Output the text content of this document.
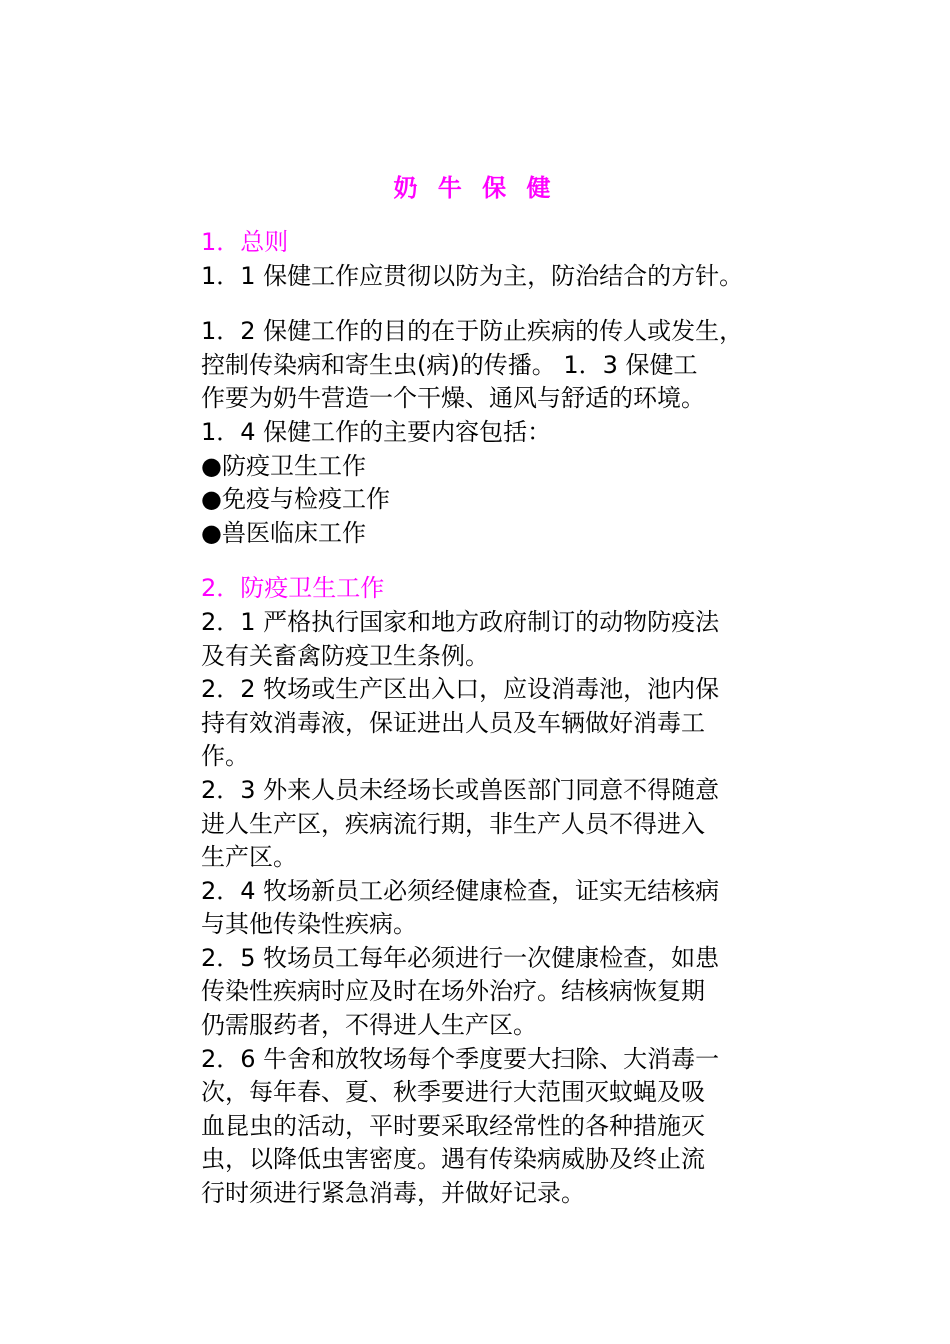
奶 牛 保 健
1．总则
1．1 保健工作应贯彻以防为主，防治结合的方针。
1．2 保健工作的目的在于防止疾病的传人或发生，
控制传染病和寄生虫(病)的传播。 1．3 保健工
作要为奶牛营造一个干燥、通风与舒适的环境。
1．4 保健工作的主要内容包括：
●防疫卫生工作
●免疫与检疫工作
●兽医临床工作
2．防疫卫生工作
2．1 严格执行国家和地方政府制订的动物防疫法
及有关畜禽防疫卫生条例。
2．2 牧场或生产区出入口，应设消毒池，池内保
持有效消毒液，保证进出人员及车辆做好消毒工
作。
2．3 外来人员未经场长或兽医部门同意不得随意
进人生产区，疾病流行期，非生产人员不得进入
生产区。
2．4 牧场新员工必须经健康检查，证实无结核病
与其他传染性疾病。
2．5 牧场员工每年必须进行一次健康检查，如患
传染性疾病时应及时在场外治疗。结核病恢复期
仍需服药者，不得进人生产区。
2．6 牛舍和放牧场每个季度要大扫除、大消毒一
次，每年春、夏、秋季要进行大范围灭蚊蝇及吸
血昆虫的活动，平时要采取经常性的各种措施灭
虫，以降低虫害密度。遇有传染病威胁及终止流
行时须进行紧急消毒，并做好记录。
